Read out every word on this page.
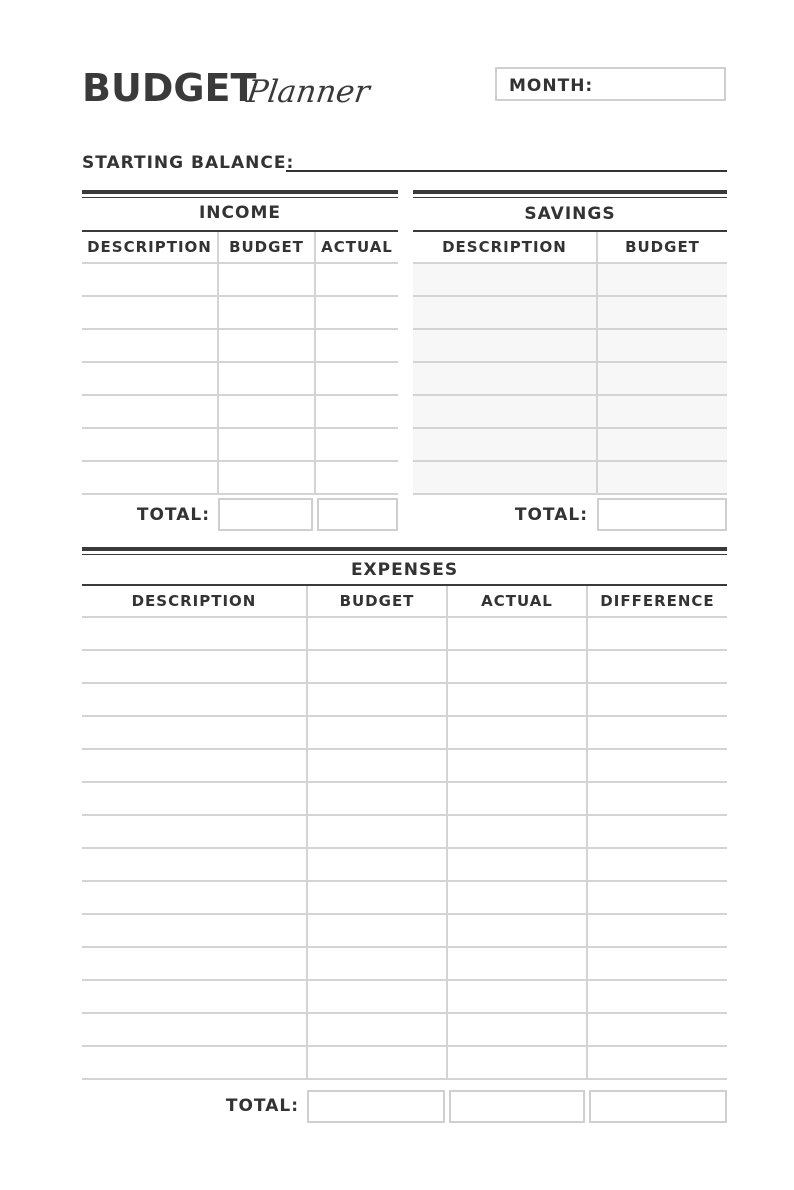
BUDGET
Planner	MONTH:
STARTING BALANCE:
INCOME
DESCRIPTION	BUDGET	ACTUAL

TOTAL:
SAVINGS
DESCRIPTION	BUDGET

TOTAL:
EXPENSES
DESCRIPTION	BUDGET	ACTUAL	DIFFERENCE

TOTAL:
